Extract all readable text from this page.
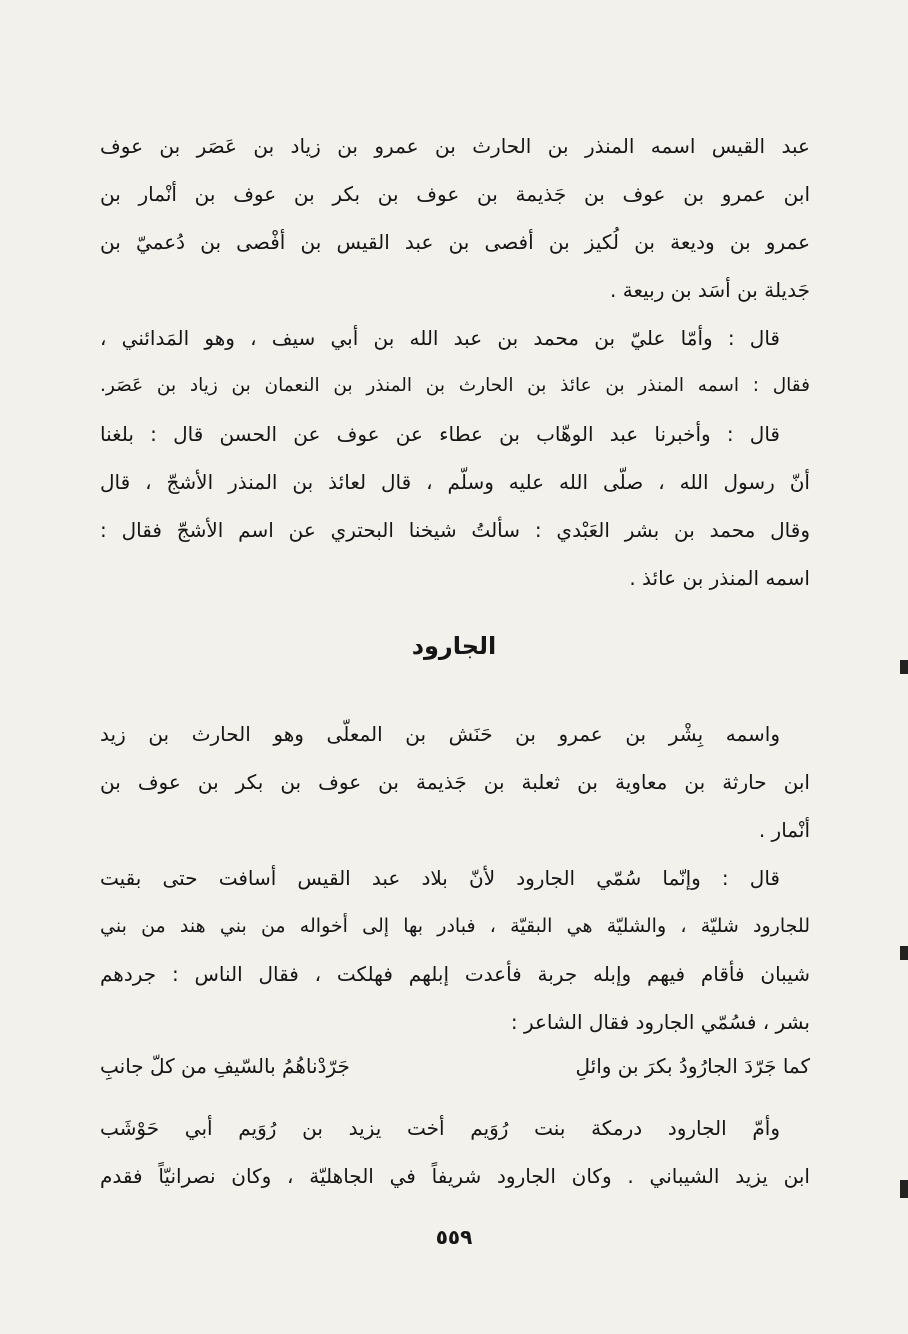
عبد القيس اسمه المنذر بن الحارث بن عمرو بن زياد بن عَصَر بن عوف
ابن عمرو بن عوف بن جَذيمة بن عوف بن بكر بن عوف بن أنْمار بن
عمرو بن وديعة بن لُكيز بن أفصى بن عبد القيس بن أفْصى بن دُعميّ بن
جَديلة بن أسَد بن ربيعة .
قال : وأمّا عليّ بن محمد بن عبد الله بن أبي سيف ، وهو المَدائني ،
فقال : اسمه المنذر بن عائذ بن الحارث بن المنذر بن النعمان بن زياد بن عَصَر.
قال : وأخبرنا عبد الوهّاب بن عطاء عن عوف عن الحسن قال : بلغنا
أنّ رسول الله ، صلّى الله عليه وسلّم ، قال لعائذ بن المنذر الأشجّ ، قال
وقال محمد بن بشر العَبْدي : سألتُ شيخنا البحتري عن اسم الأشجّ فقال :
اسمه المنذر بن عائذ .
الجارود
واسمه بِشْر بن عمرو بن حَنَش بن المعلّى وهو الحارث بن زيد
ابن حارثة بن معاوية بن ثعلبة بن جَذيمة بن عوف بن بكر بن عوف بن
أنْمار .
قال : وإنّما سُمّي الجارود لأنّ بلاد عبد القيس أسافت حتى بقيت
للجارود شليّة ، والشليّة هي البقيّة ، فبادر بها إلى أخواله من بني هند من بني
شيبان فأقام فيهم وإبله جربة فأعدت إبلهم فهلكت ، فقال الناس : جردهم
بشر ، فسُمّي الجارود فقال الشاعر :
كما جَرّدَ الجارُودُ بكرَ بن وائلِ
جَرّدْناهُمُ بالسّيفِ من كلّ جانبِ
وأمّ الجارود درمكة بنت رُوَيم أخت يزيد بن رُوَيم أبي حَوْشَب
ابن يزيد الشيباني . وكان الجارود شريفاً في الجاهليّة ، وكان نصرانيّاً فقدم
٥٥٩
